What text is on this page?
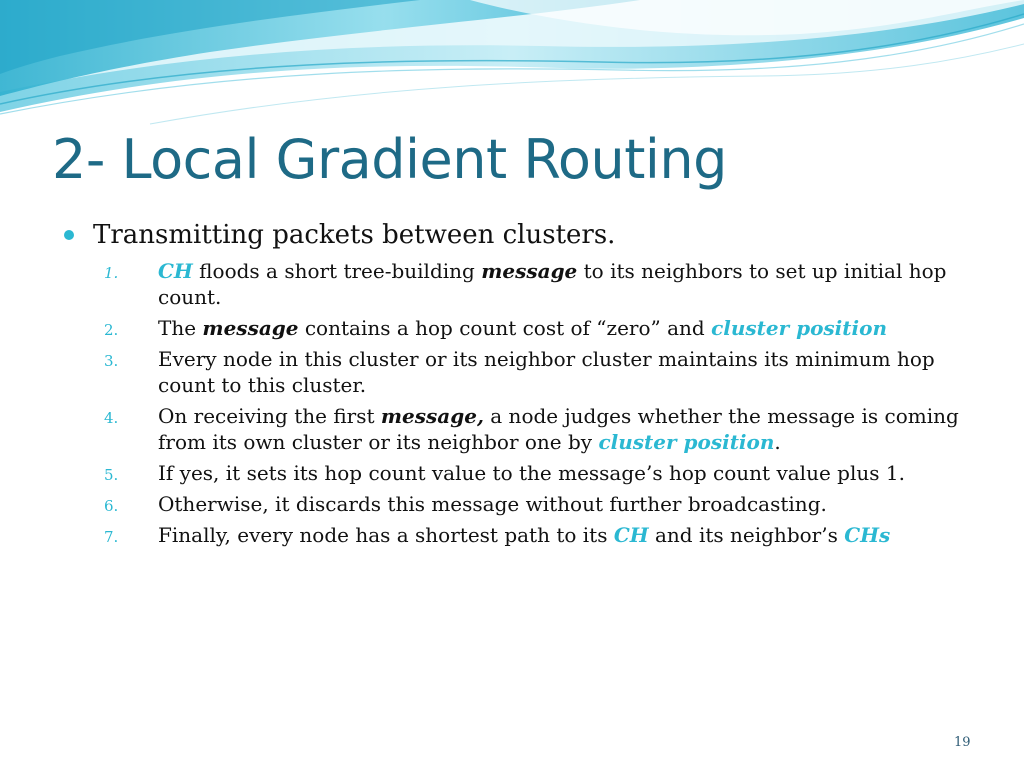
2- Local Gradient Routing
Transmitting packets between clusters.
1. CH floods a short tree-building message to its neighbors to set up initial hop count.
2. The message contains a hop count cost of “zero” and cluster position
3. Every node in this cluster or its neighbor cluster maintains its minimum hop count to this cluster.
4. On receiving the first message, a node judges whether the message is coming from its own cluster or its neighbor one by cluster position.
5. If yes, it sets its hop count value to the message’s hop count value plus 1.
6. Otherwise, it discards this message without further broadcasting.
7. Finally, every node has a shortest path to its CH and its neighbor’s CHs
19
